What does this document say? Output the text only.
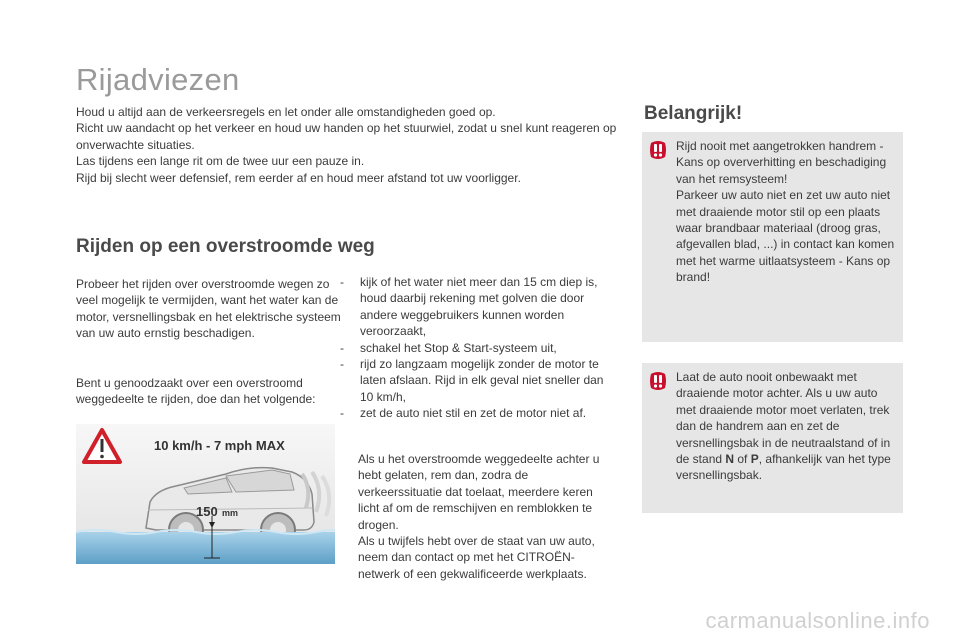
Rijadviezen

Houd u altijd aan de verkeersregels en let onder alle omstandigheden goed op.

Richt uw aandacht op het verkeer en houd uw handen op het stuurwiel, zodat u snel kunt reageren op onverwachte situaties.

Las tijdens een lange rit om de twee uur een pauze in.

Rijd bij slecht weer defensief, rem eerder af en houd meer afstand tot uw voorligger.

Rijden op een overstroomde weg

Probeer het rijden over overstroomde wegen zo veel mogelijk te vermijden, want het water kan de motor, versnellingsbak en het elektrische systeem van uw auto ernstig beschadigen.

Bent u genoodzaakt over een overstroomd weggedeelte te rijden, doe dan het volgende:

10 km/h - 7 mph MAX
150 mm
- kijk of het water niet meer dan 15 cm diep is, houd daarbij rekening met golven die door andere weggebruikers kunnen worden veroorzaakt,
- schakel het Stop & Start-systeem uit,
- rijd zo langzaam mogelijk zonder de motor te laten afslaan. Rijd in elk geval niet sneller dan 10 km/h,
- zet de auto niet stil en zet de motor niet af.

Als u het overstroomde weggedeelte achter u hebt gelaten, rem dan, zodra de verkeerssituatie dat toelaat, meerdere keren licht af om de remschijven en remblokken te drogen.

Als u twijfels hebt over de staat van uw auto, neem dan contact op met het CITROËN-netwerk of een gekwalificeerde werkplaats.

Belangrijk!

Rijd nooit met aangetrokken handrem - Kans op oververhitting en beschadiging van het remsysteem!

Parkeer uw auto niet en zet uw auto niet met draaiende motor stil op een plaats waar brandbaar materiaal (droog gras, afgevallen blad, ...) in contact kan komen met het warme uitlaatsysteem - Kans op brand!

Laat de auto nooit onbewaakt met draaiende motor achter. Als u uw auto met draaiende motor moet verlaten, trek dan de handrem aan en zet de versnellingsbak in de neutraalstand of in de stand N of P, afhankelijk van het type versnellingsbak.

carmanualsonline.info
